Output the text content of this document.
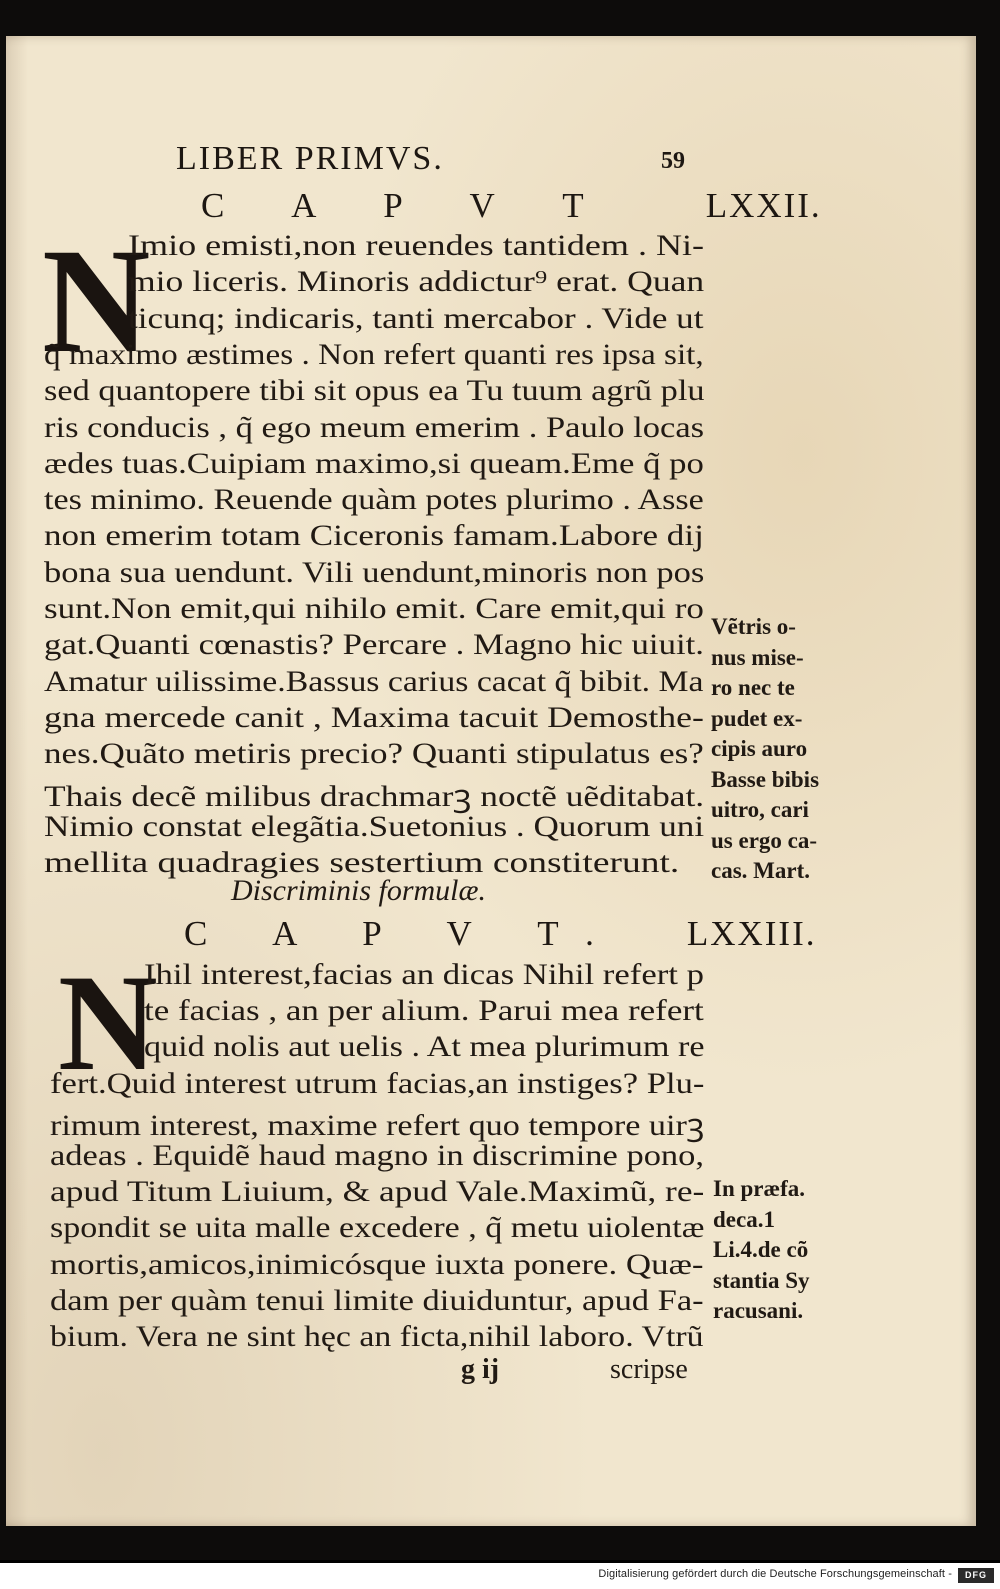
LIBER PRIMVS.	59
C A P V T	LXXII.
N
Imio emisti,non reuendes tantidem . Ni-
mio liceris. Minoris addictur⁹ erat. Quan
ticunq; indicaris, tanti mercabor . Vide ut
q̃ maximo æstimes . Non refert quanti res ipsa sit,
sed quantopere tibi sit opus ea Tu tuum agrũ plu
ris conducis , q̃ ego meum emerim . Paulo locas
ædes tuas.Cuipiam maximo,si queam.Eme q̃ po
tes minimo. Reuende quàm potes plurimo . Asse
non emerim totam Ciceronis famam.Labore dij
bona sua uendunt. Vili uendunt,minoris non pos
sunt.Non emit,qui nihilo emit. Care emit,qui ro
gat.Quanti cœnastis? Percare . Magno hic uiuit.
Amatur uilissime.Bassus carius cacat q̃ bibit. Ma
gna mercede canit , Maxima tacuit Demosthe-
nes.Quãto metiris precio? Quanti stipulatus es?
Thais decẽ milibus drachmarꝫ noctẽ uẽditabat.
Nimio constat elegãtia.Suetonius . Quorum uni
mellita quadragies sestertium constiterunt.
Vẽtris o-
nus mise-
ro nec te
pudet ex-
cipis auro
Basse bibis
uitro, cari
us ergo ca-
cas. Mart.
Discriminis formulæ.
C A P V T. LXXIII.
N
Ihil interest,facias an dicas Nihil refert p
te facias , an per alium. Parui mea refert
quid nolis aut uelis . At mea plurimum re
fert.Quid interest utrum facias,an instiges? Plu-
rimum interest, maxime refert quo tempore uirꝫ
adeas . Equidẽ haud magno in discrimine pono,
apud Titum Liuium, & apud Vale.Maximũ, re-
spondit se uita malle excedere , q̃ metu uiolentæ
mortis,amicos,inimicósque iuxta ponere. Quæ-
dam per quàm tenui limite diuiduntur, apud Fa-
bium. Vera ne sint hęc an ficta,nihil laboro. Vtrũ
In præfa.
deca.1
Li.4.de cõ
stantia Sy
racusani.
g ij	scripse
Digitalisierung gefördert durch die Deutsche Forschungsgemeinschaft -	DFG
